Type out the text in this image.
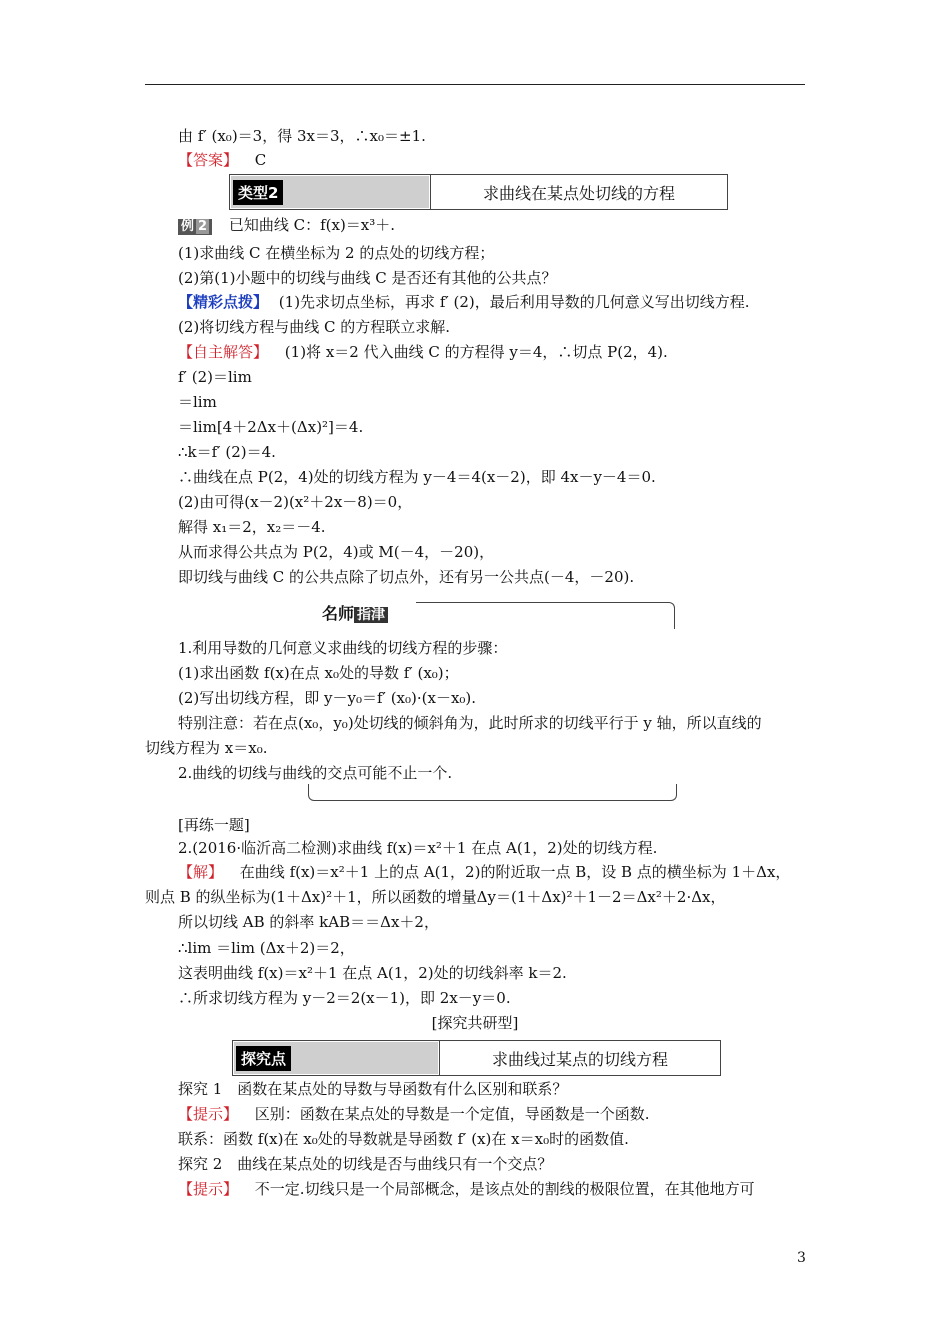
由 f′ (x₀)＝3，得 3x＝3，∴x₀＝±1.
【答案】 C
类型2	求曲线在某点处切线的方程
例 2 已知曲线 C：f(x)＝x³＋.
(1)求曲线 C 在横坐标为 2 的点处的切线方程；
(2)第(1)小题中的切线与曲线 C 是否还有其他的公共点？
【精彩点拨】 (1)先求切点坐标，再求 f′ (2)，最后利用导数的几何意义写出切线方程.
(2)将切线方程与曲线 C 的方程联立求解.
【自主解答】 (1)将 x＝2 代入曲线 C 的方程得 y＝4，∴切点 P(2，4).
f′ (2)＝lim
＝lim
＝lim[4＋2Δx＋(Δx)²]＝4.
∴k＝f′ (2)＝4.
∴曲线在点 P(2，4)处的切线方程为 y－4＝4(x－2)，即 4x－y－4＝0.
(2)由可得(x－2)(x²＋2x－8)＝0，
解得 x₁＝2，x₂＝－4.
从而求得公共点为 P(2，4)或 M(－4，－20)，
即切线与曲线 C 的公共点除了切点外，还有另一公共点(－4，－20).
名师 指津
1.利用导数的几何意义求曲线的切线方程的步骤：
(1)求出函数 f(x)在点 x₀处的导数 f′ (x₀)；
(2)写出切线方程，即 y－y₀＝f′ (x₀)·(x－x₀).
特别注意：若在点(x₀，y₀)处切线的倾斜角为，此时所求的切线平行于 y 轴，所以直线的
切线方程为 x＝x₀.
2.曲线的切线与曲线的交点可能不止一个.
[再练一题]
2.(2016·临沂高二检测)求曲线 f(x)＝x²＋1 在点 A(1，2)处的切线方程.
【解】 在曲线 f(x)＝x²＋1 上的点 A(1，2)的附近取一点 B，设 B 点的横坐标为 1＋Δx，
则点 B 的纵坐标为(1＋Δx)²＋1，所以函数的增量Δy＝(1＋Δx)²＋1－2＝Δx²＋2·Δx，
所以切线 AB 的斜率 kAB＝＝Δx＋2，
∴lim ＝lim (Δx＋2)＝2，
这表明曲线 f(x)＝x²＋1 在点 A(1，2)处的切线斜率 k＝2.
∴所求切线方程为 y－2＝2(x－1)，即 2x－y＝0.
[探究共研型]
探究点	求曲线过某点的切线方程
探究 1　函数在某点处的导数与导函数有什么区别和联系？
【提示】 区别：函数在某点处的导数是一个定值，导函数是一个函数.
联系：函数 f(x)在 x₀处的导数就是导函数 f′ (x)在 x＝x₀时的函数值.
探究 2　曲线在某点处的切线是否与曲线只有一个交点？
【提示】 不一定.切线只是一个局部概念，是该点处的割线的极限位置，在其他地方可
3
